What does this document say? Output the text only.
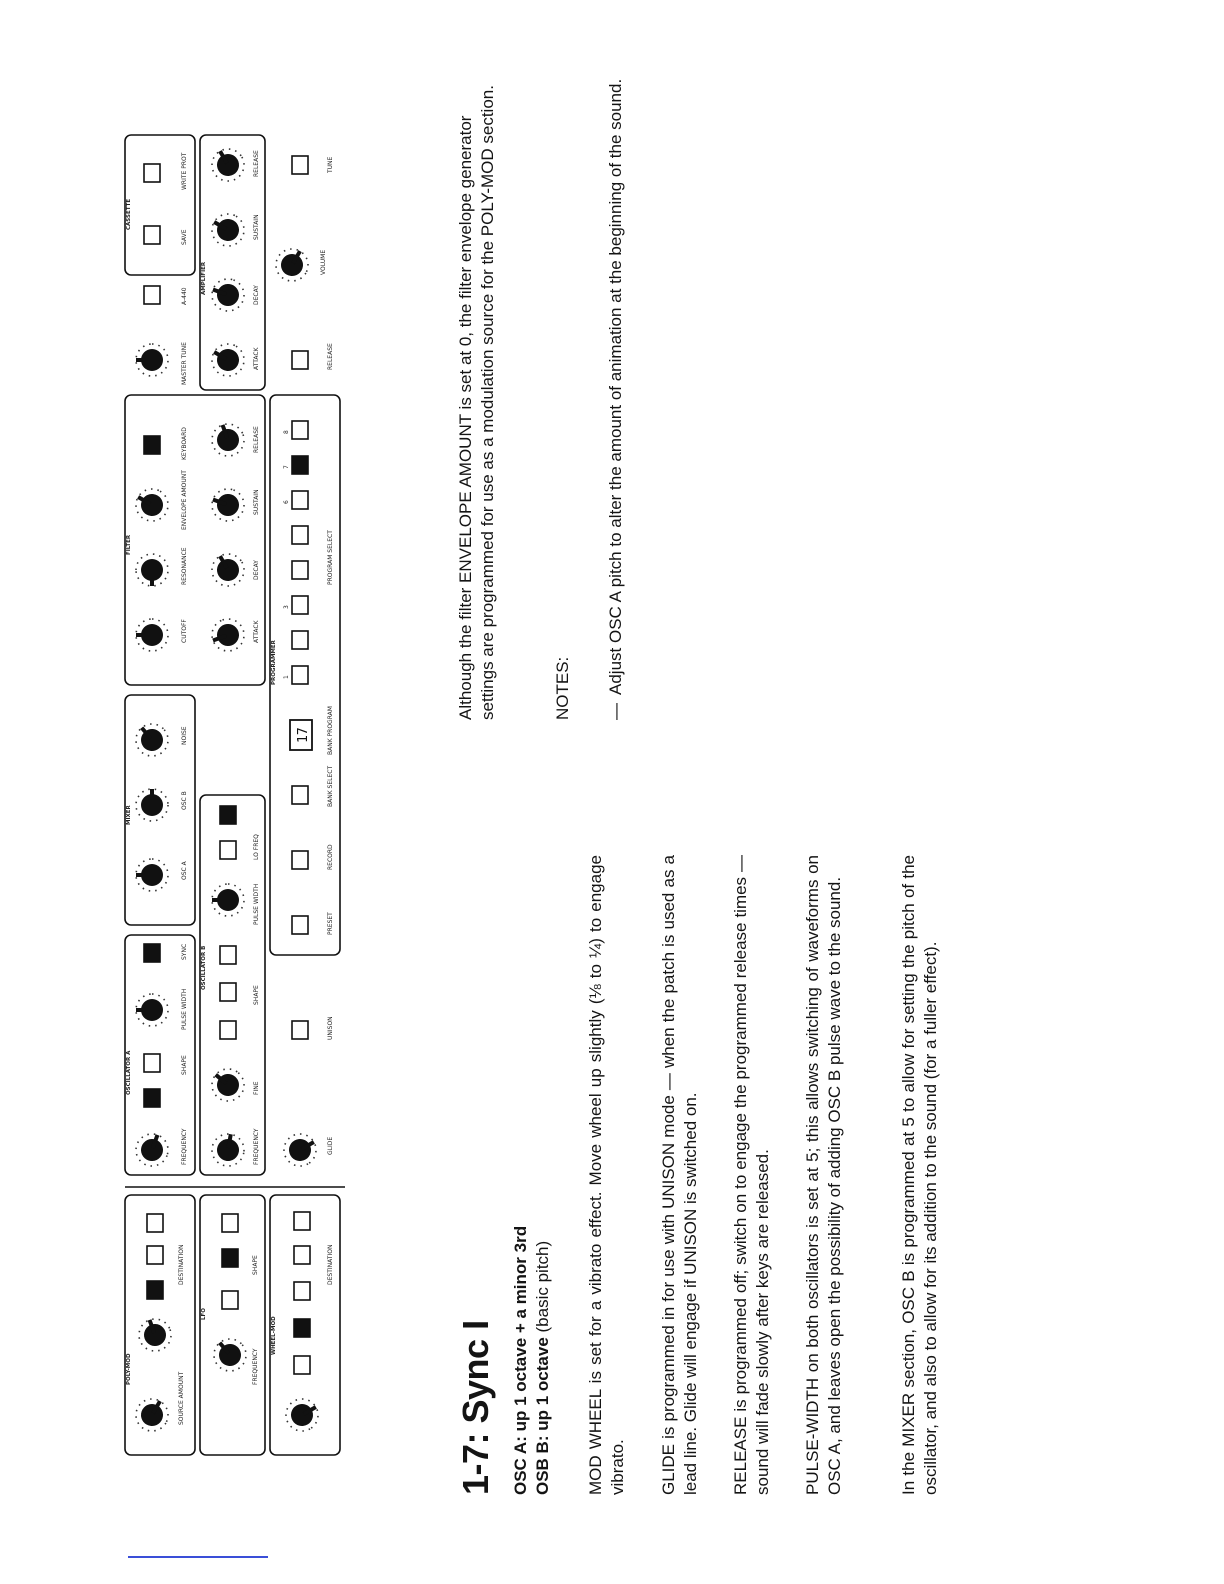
POLY-MOD
SOURCE AMOUNT
DESTINATION
LFO
FREQUENCY
SHAPE
WHEEL-MOD
DESTINATION
OSCILLATOR A
FREQUENCY
SHAPE
PULSE WIDTH
SYNC OSCILLATOR B
FREQUENCY
FINE
SHAPE
PULSE WIDTH
LO FREQ
GLIDE
UNISON
MIXER
OSC A
OSC B
NOISE
PROGRAMMER
17
1
3
6
7
8
PRESET
RECORD
BANK SELECT
BANK PROGRAM
PROGRAM SELECT
FILTER
CUTOFF
RESONANCE
ENVELOPE AMOUNT
KEYBOARD
ATTACK
DECAY
SUSTAIN
RELEASE
MASTER TUNE
A-440
CASSETTE
SAVE
WRITE PROT
AMPLIFIER
ATTACK
DECAY
SUSTAIN
RELEASE
RELEASE
VOLUME
TUNE
1-7: Sync I OSC A: up 1 octave + a minor 3rd
OSB B: up 1 octave (basic pitch) MOD WHEEL is set for a vibrato effect. Move wheel up slightly (⅛ to ¼) to engage vibrato. GLIDE is programmed in for use with UNISON mode — when the patch is used as a lead line. Glide will engage if UNISON is switched on. RELEASE is programmed off; switch on to engage the programmed release times — sound will fade slowly after keys are released. PULSE-WIDTH on both oscillators is set at 5; this allows switching of waveforms on OSC A, and leaves open the possibility of adding OSC B pulse wave to the sound.	In the MIXER section, OSC B is programmed at 5 to allow for setting the pitch of the oscillator, and also to allow for its addition to the sound (for a fuller effect).
Although the filter ENVELOPE AMOUNT is set at 0, the filter envelope generator settings are programmed for use as a modulation source for the POLY-MOD section.	NOTES: —
Adjust OSC A pitch to alter the amount of animation at the beginning of the sound.
